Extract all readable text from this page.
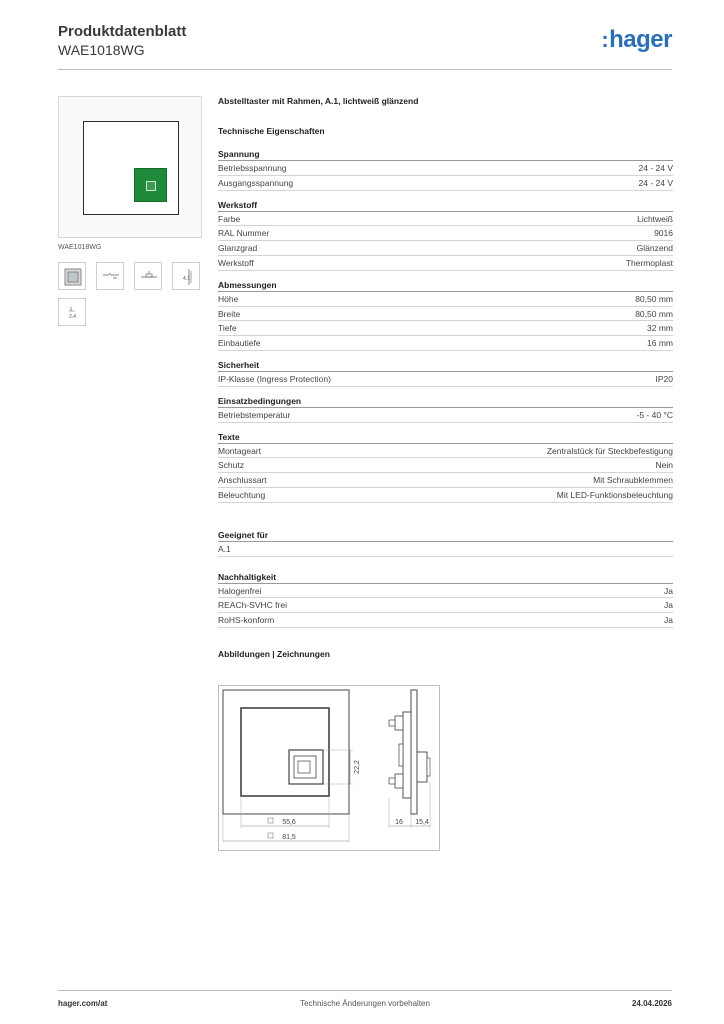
Produktdatenblatt
WAE1018WG	:hager
WAE1018WG
4.1
2.4
Abstelltaster mit Rahmen, A.1, lichtweiß glänzend
Technische Eigenschaften
Spannung
Betriebsspannung	24 - 24 V
Ausgangsspannung	24 - 24 V
Werkstoff
Farbe	Lichtweiß
RAL Nummer	9016
Glanzgrad	Glänzend
Werkstoff	Thermoplast
Abmessungen
Höhe	80,50 mm
Breite	80,50 mm
Tiefe	32 mm
Einbautiefe	16 mm
Sicherheit
IP-Klasse (Ingress Protection)	IP20
Einsatzbedingungen
Betriebstemperatur	-5 - 40 °C
Texte
Montageart	Zentralstück für Steckbefestigung
Schutz	Nein
Anschlussart	Mit Schraubklemmen
Beleuchtung	Mit LED-Funktionsbeleuchtung
Geeignet für
A.1
Nachhaltigkeit
Halogenfrei	Ja
REACh-SVHC frei	Ja
RoHS-konform	Ja
Abbildungen | Zeichnungen
22,2
55,6
81,5
16 15,4
hager.com/at	Technische Änderungen vorbehalten	24.04.2026
